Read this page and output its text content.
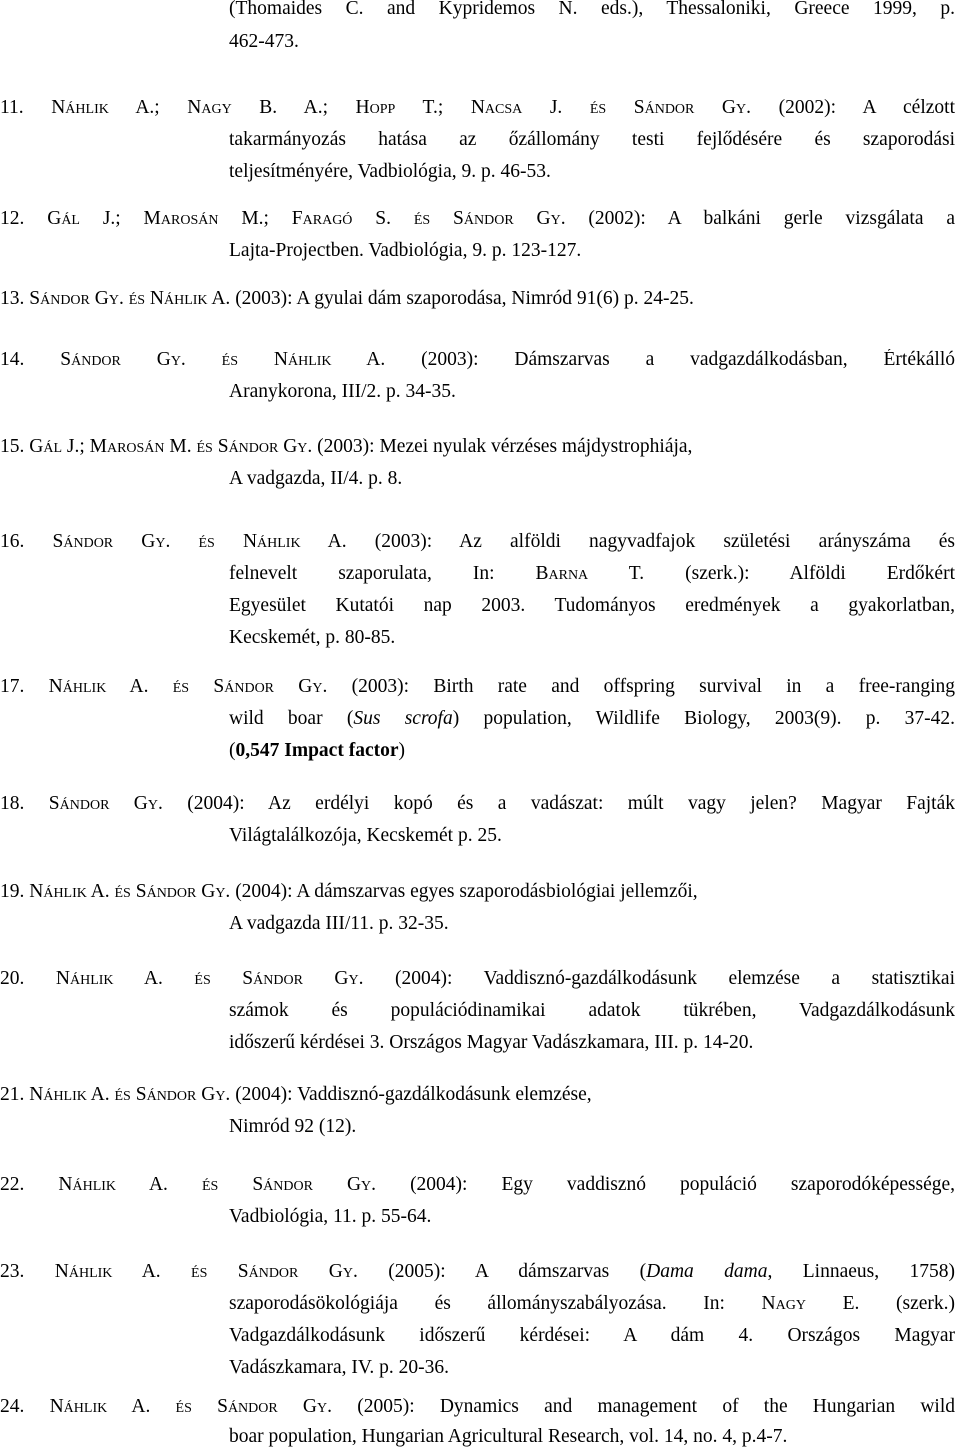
(Thomaides C. and Kypridemos N. eds.), Thessaloniki, Greece 1999, p.
462-473.
11. Náhlik A.; Nagy B. A.; Hopp T.; Nacsa J. és Sándor Gy. (2002): A célzott
takarmányozás hatása az őzállomány testi fejlődésére és szaporodási
teljesítményére, Vadbiológia, 9. p. 46-53.
12. Gál J.; Marosán M.; Faragó S. és Sándor Gy. (2002): A balkáni gerle vizsgálata a
Lajta-Projectben. Vadbiológia, 9. p. 123-127.
13. Sándor Gy. és Náhlik A. (2003): A gyulai dám szaporodása, Nimród 91(6) p. 24-25.
14. Sándor Gy. és Náhlik A. (2003): Dámszarvas a vadgazdálkodásban, Értékálló
Aranykorona, III/2. p. 34-35.
15. Gál J.; Marosán M. és Sándor Gy. (2003): Mezei nyulak vérzéses májdystrophiája,
A vadgazda, II/4. p. 8.
16. Sándor Gy. és Náhlik A. (2003): Az alföldi nagyvadfajok születési arányszáma és
felnevelt szaporulata, In: Barna T. (szerk.): Alföldi Erdőkért
Egyesület Kutatói nap 2003. Tudományos eredmények a gyakorlatban,
Kecskemét, p. 80-85.
17. Náhlik A. és Sándor Gy. (2003): Birth rate and offspring survival in a free-ranging
wild boar (Sus scrofa) population, Wildlife Biology, 2003(9). p. 37-42.
(0,547 Impact factor)
18. Sándor Gy. (2004): Az erdélyi kopó és a vadászat: múlt vagy jelen? Magyar Fajták
Világtalálkozója, Kecskemét p. 25.
19. Náhlik A. és Sándor Gy. (2004): A dámszarvas egyes szaporodásbiológiai jellemzői,
A vadgazda III/11. p. 32-35.
20. Náhlik A. és Sándor Gy. (2004): Vaddisznó-gazdálkodásunk elemzése a statisztikai
számok és populációdinamikai adatok tükrében, Vadgazdálkodásunk
időszerű kérdései 3. Országos Magyar Vadászkamara, III. p. 14-20.
21. Náhlik A. és Sándor Gy. (2004): Vaddisznó-gazdálkodásunk elemzése,
Nimród 92 (12).
22. Náhlik A. és Sándor Gy. (2004): Egy vaddisznó populáció szaporodóképessége,
Vadbiológia, 11. p. 55-64.
23. Náhlik A. és Sándor Gy. (2005): A dámszarvas (Dama dama, Linnaeus, 1758)
szaporodásökológiája és állományszabályozása. In: Nagy E. (szerk.)
Vadgazdálkodásunk időszerű kérdései: A dám 4. Országos Magyar
Vadászkamara, IV. p. 20-36.
24. Náhlik A. és Sándor Gy. (2005): Dynamics and management of the Hungarian wild
boar population, Hungarian Agricultural Research, vol. 14, no. 4, p.4-7.
